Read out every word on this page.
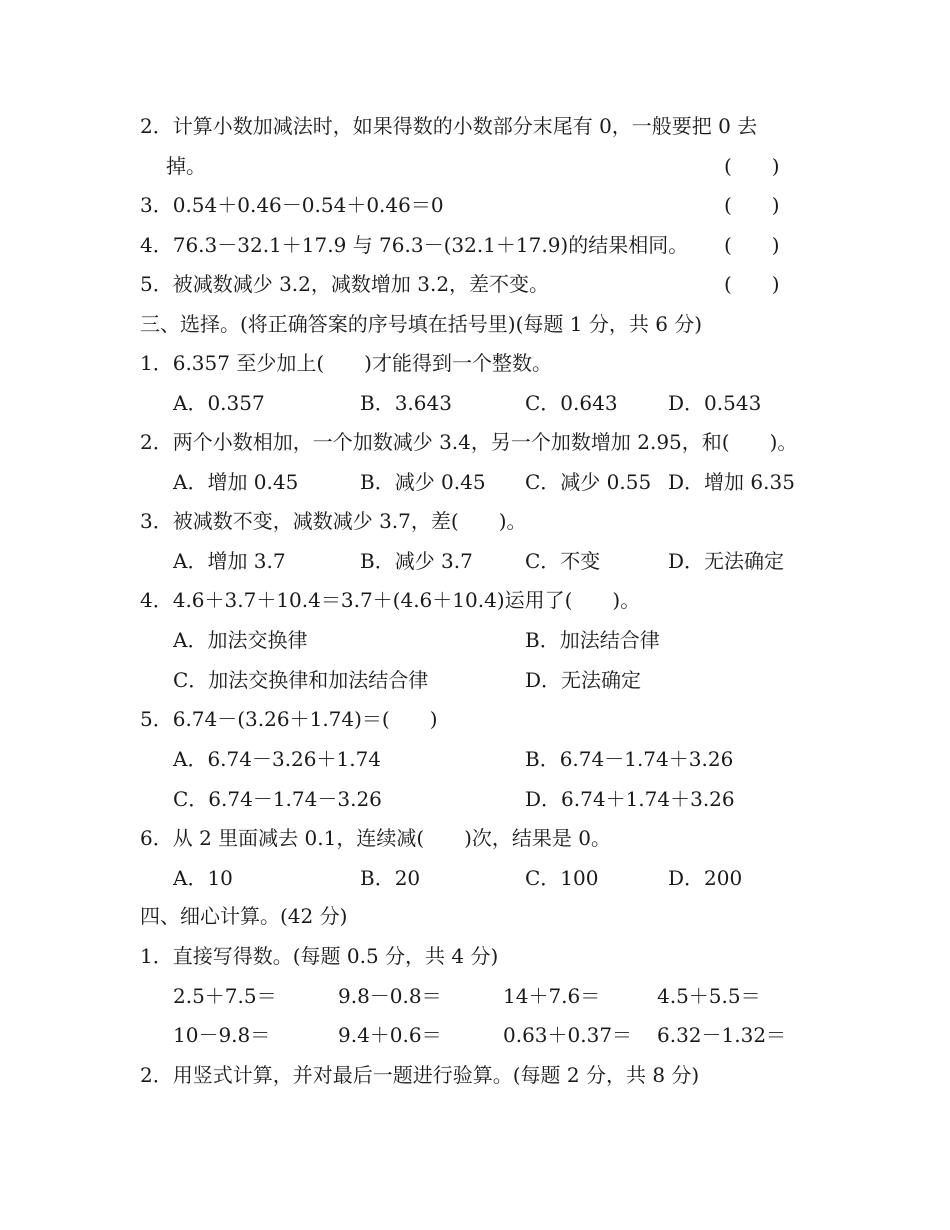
2．计算小数加减法时，如果得数的小数部分末尾有 0，一般要把 0 去
掉。	(　　)
3．0.54＋0.46－0.54＋0.46＝0	(　　)
4．76.3－32.1＋17.9 与 76.3－(32.1＋17.9)的结果相同。 (　　)
5．被减数减少 3.2，减数增加 3.2，差不变。	(　　)
三、选择。(将正确答案的序号填在括号里)(每题 1 分，共 6 分)
1．6.357 至少加上(　　)才能得到一个整数。
A．0.357	B．3.643	C．0.643	D．0.543
2．两个小数相加，一个加数减少 3.4，另一个加数增加 2.95，和(　　)。
A．增加 0.45	B．减少 0.45 C．减少 0.55 D．增加 6.35
3．被减数不变，减数减少 3.7，差(　　)。
A．增加 3.7	B．减少 3.7	C．不变	D．无法确定
4．4.6＋3.7＋10.4＝3.7＋(4.6＋10.4)运用了(　　)。
A．加法交换律	B．加法结合律
C．加法交换律和加法结合律	D．无法确定
5．6.74－(3.26＋1.74)＝(　　)
A．6.74－3.26＋1.74	B．6.74－1.74＋3.26
C．6.74－1.74－3.26	D．6.74＋1.74＋3.26
6．从 2 里面减去 0.1，连续减(　　)次，结果是 0。
A．10	B．20	C．100	D．200
四、细心计算。(42 分)
1．直接写得数。(每题 0.5 分，共 4 分)
2.5＋7.5＝	9.8－0.8＝	14＋7.6＝	4.5＋5.5＝
10－9.8＝	9.4＋0.6＝	0.63＋0.37＝ 6.32－1.32＝
2．用竖式计算，并对最后一题进行验算。(每题 2 分，共 8 分)
